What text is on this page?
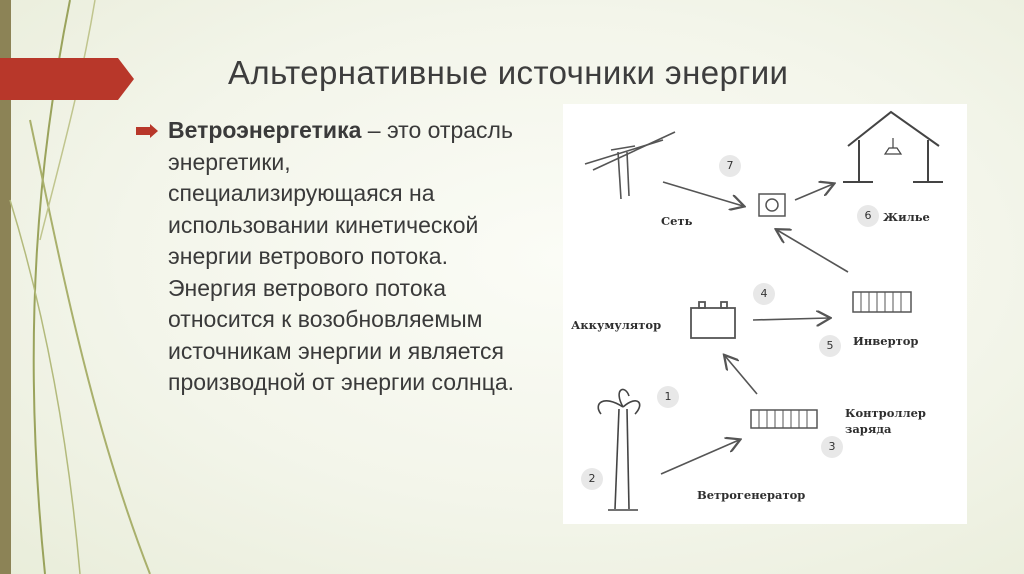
Альтернативные источники энергии

Ветроэнергетика – это отрасль энергетики, специализирующаяся на использовании кинетической энергии ветрового потока. Энергия ветрового потока относится к возобновляемым источникам энергии и является производной от энергии солнца.

Сеть	Жилье
Аккумулятор
Инвертор
Контроллер
заряда
Ветрогенератор
7
6
4
5
1
3
2
